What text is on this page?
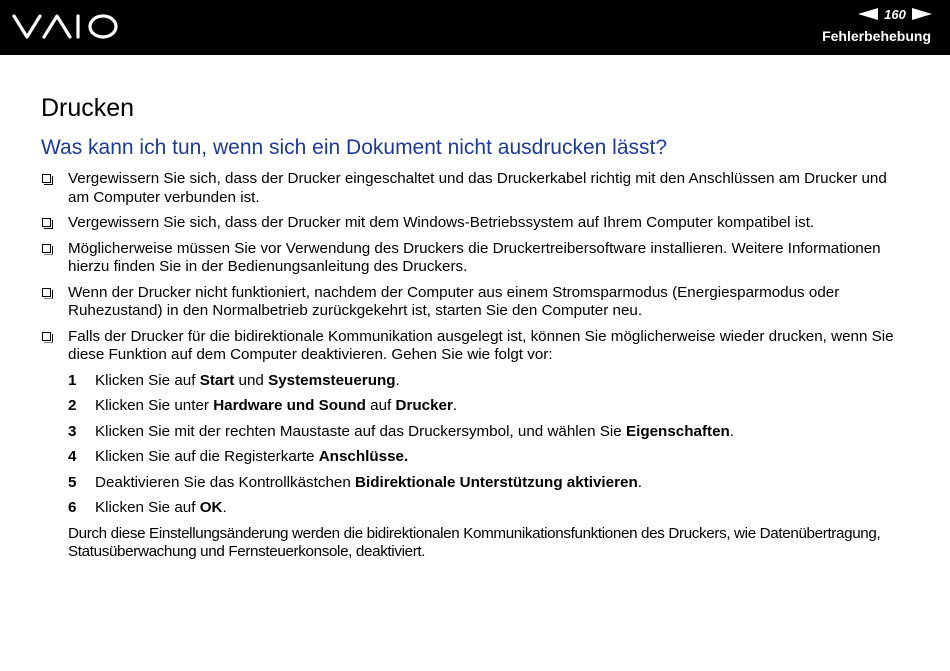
160
Fehlerbehebung
Drucken
Was kann ich tun, wenn sich ein Dokument nicht ausdrucken lässt?
Vergewissern Sie sich, dass der Drucker eingeschaltet und das Druckerkabel richtig mit den Anschlüssen am Drucker und am Computer verbunden ist.
Vergewissern Sie sich, dass der Drucker mit dem Windows-Betriebssystem auf Ihrem Computer kompatibel ist.
Möglicherweise müssen Sie vor Verwendung des Druckers die Druckertreibersoftware installieren. Weitere Informationen hierzu finden Sie in der Bedienungsanleitung des Druckers.
Wenn der Drucker nicht funktioniert, nachdem der Computer aus einem Stromsparmodus (Energiesparmodus oder Ruhezustand) in den Normalbetrieb zurückgekehrt ist, starten Sie den Computer neu.
Falls der Drucker für die bidirektionale Kommunikation ausgelegt ist, können Sie möglicherweise wieder drucken, wenn Sie diese Funktion auf dem Computer deaktivieren. Gehen Sie wie folgt vor:
1 Klicken Sie auf Start und Systemsteuerung.
2 Klicken Sie unter Hardware und Sound auf Drucker.
3 Klicken Sie mit der rechten Maustaste auf das Druckersymbol, und wählen Sie Eigenschaften.
4 Klicken Sie auf die Registerkarte Anschlüsse.
5 Deaktivieren Sie das Kontrollkästchen Bidirektionale Unterstützung aktivieren.
6 Klicken Sie auf OK.
Durch diese Einstellungsänderung werden die bidirektionalen Kommunikationsfunktionen des Druckers, wie Datenübertragung, Statusüberwachung und Fernsteuerkonsole, deaktiviert.
